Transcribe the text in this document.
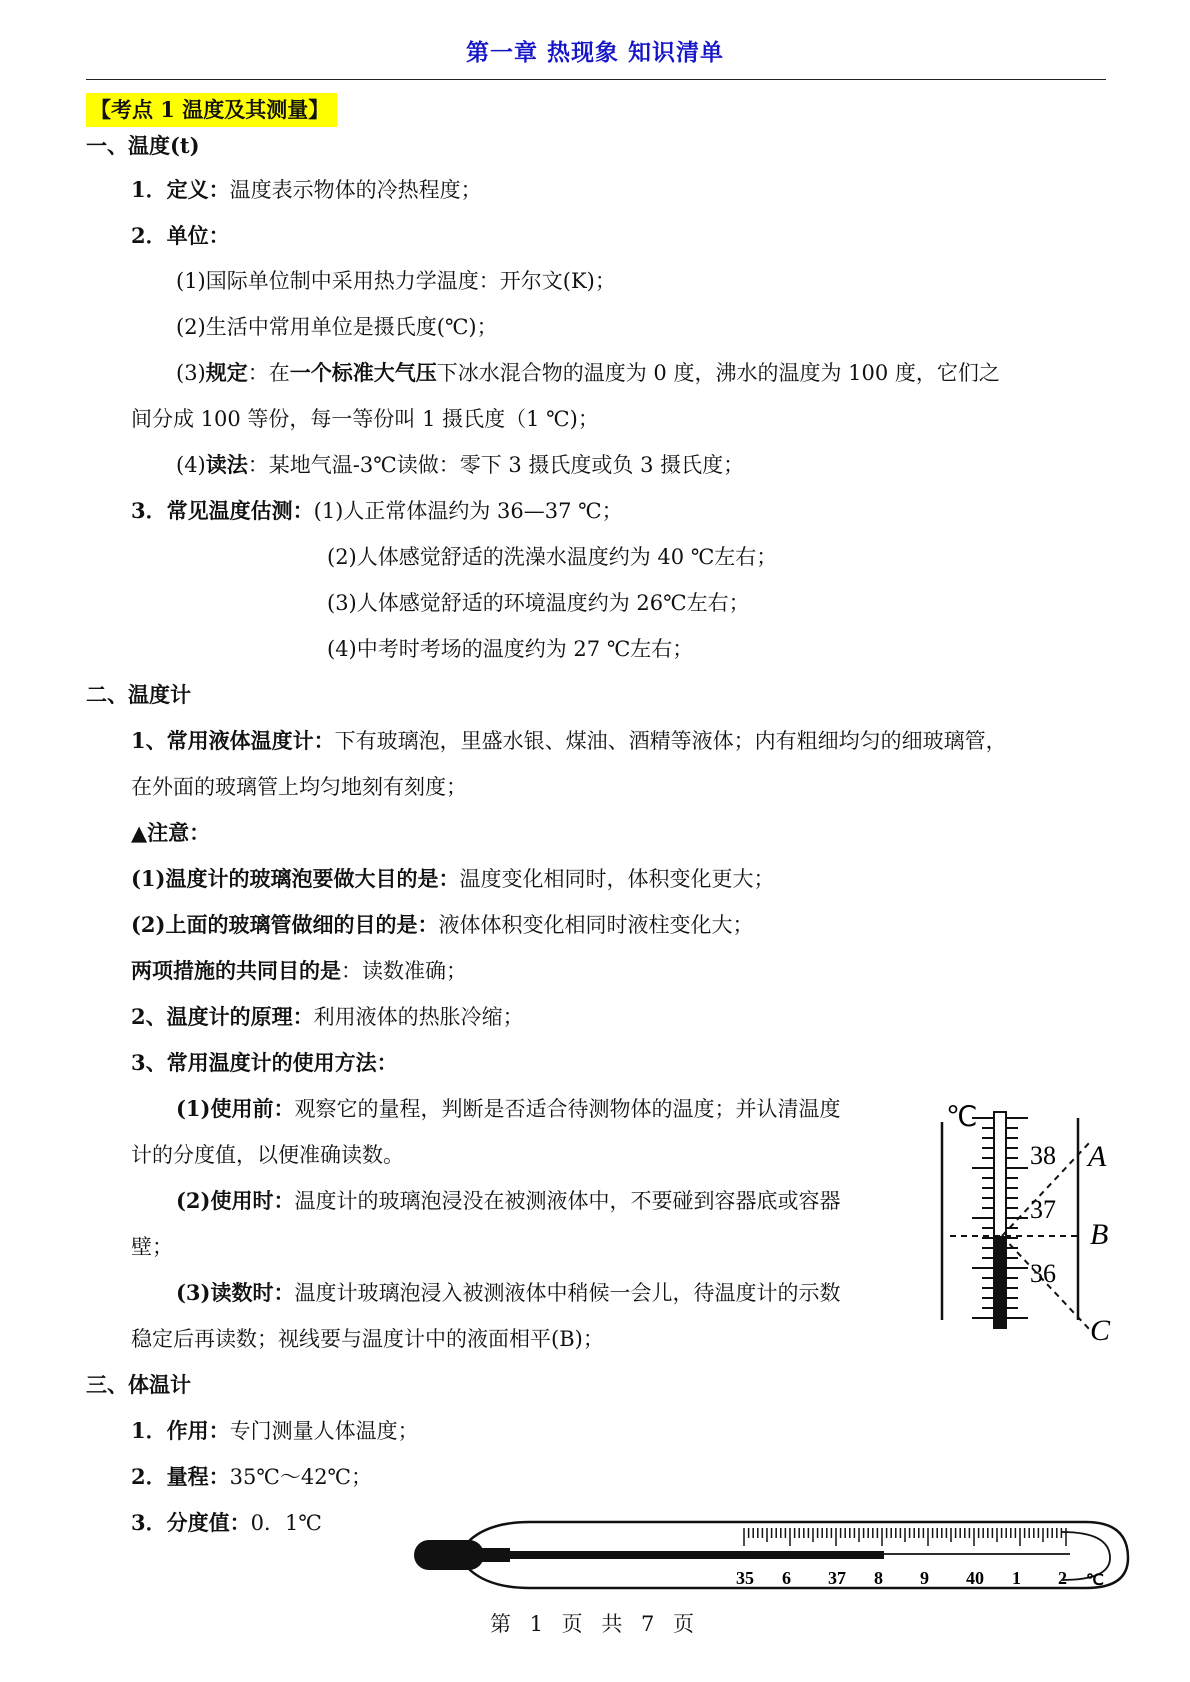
第一章 热现象 知识清单
【考点 1 温度及其测量】
一、温度(t)
1．定义：温度表示物体的冷热程度；
2．单位：
(1)国际单位制中采用热力学温度：开尔文(K)；
(2)生活中常用单位是摄氏度(℃)；
(3)规定：在一个标准大气压下冰水混合物的温度为 0 度，沸水的温度为 100 度，它们之
间分成 100 等份，每一等份叫 1 摄氏度（1 ℃)；
(4)读法：某地气温-3℃读做：零下 3 摄氏度或负 3 摄氏度；
3．常见温度估测：(1)人正常体温约为 36—37 ℃；
(2)人体感觉舒适的洗澡水温度约为 40 ℃左右；
(3)人体感觉舒适的环境温度约为 26℃左右；
(4)中考时考场的温度约为 27 ℃左右；
二、温度计
1、常用液体温度计：下有玻璃泡，里盛水银、煤油、酒精等液体；内有粗细均匀的细玻璃管，
在外面的玻璃管上均匀地刻有刻度；
▲注意：
(1)温度计的玻璃泡要做大目的是：温度变化相同时，体积变化更大；
(2)上面的玻璃管做细的目的是：液体体积变化相同时液柱变化大；
两项措施的共同目的是：读数准确；
2、温度计的原理：利用液体的热胀冷缩；
3、常用温度计的使用方法：
(1)使用前：观察它的量程，判断是否适合待测物体的温度；并认清温度
计的分度值，以便准确读数。
(2)使用时：温度计的玻璃泡浸没在被测液体中，不要碰到容器底或容器
壁；
(3)读数时：温度计玻璃泡浸入被测液体中稍候一会儿，待温度计的示数
稳定后再读数；视线要与温度计中的液面相平(B)；
℃
38
37
36
A
B
C
三、体温计
1．作用：专门测量人体温度；
2．量程：35℃～42℃；
3．分度值：0．1℃
35 6 37 8 9 40 1 2 ℃
第 1 页 共 7 页
